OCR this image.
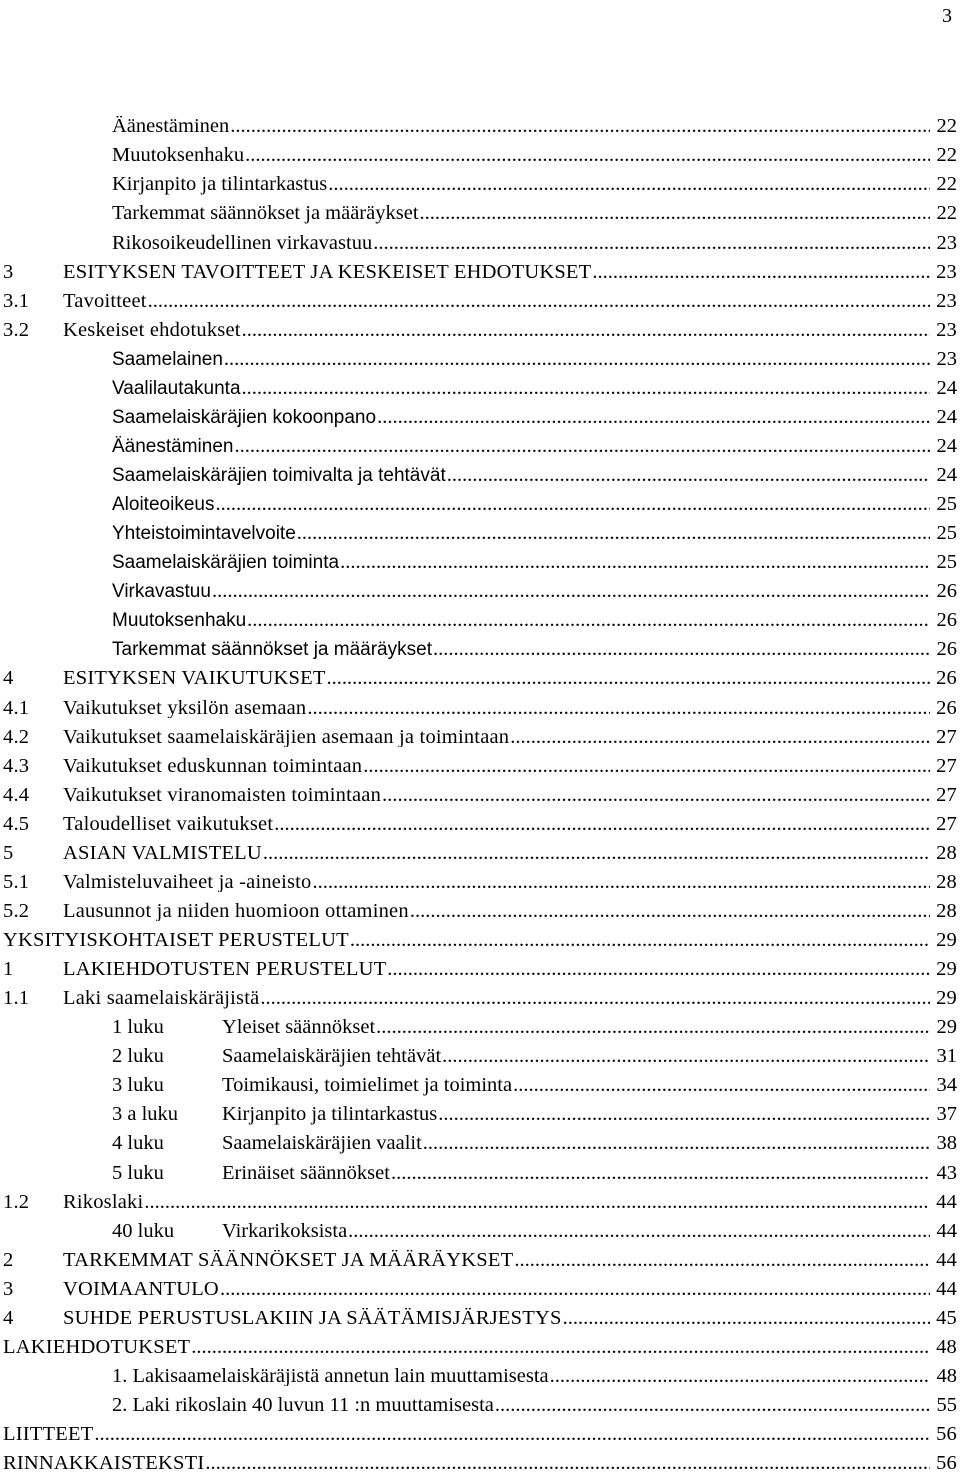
3
Äänestäminen .....	22
Muutoksenhaku .....	22
Kirjanpito ja tilintarkastus .....	22
Tarkemmat säännökset ja määräykset .....	22
Rikosoikeudellinen virkavastuu .....	23
3 ESITYKSEN TAVOITTEET JA KESKEISET EHDOTUKSET .....	23
3.1 Tavoitteet .....	23
3.2 Keskeiset ehdotukset .....	23
Saamelainen .....	23
Vaalilautakunta .....	24
Saamelaiskäräjien kokoonpano .....	24
Äänestäminen .....	24
Saamelaiskäräjien toimivalta ja tehtävät .....	24
Aloiteoikeus .....	25
Yhteistoimintavelvoite .....	25
Saamelaiskäräjien toiminta .....	25
Virkavastuu .....	26
Muutoksenhaku .....	26
Tarkemmat säännökset ja määräykset .....	26
4 ESITYKSEN VAIKUTUKSET .....	26
4.1 Vaikutukset yksilön asemaan .....	26
4.2 Vaikutukset saamelaiskäräjien asemaan ja toimintaan .....	27
4.3 Vaikutukset eduskunnan toimintaan .....	27
4.4 Vaikutukset viranomaisten toimintaan .....	27
4.5 Taloudelliset vaikutukset .....	27
5 ASIAN VALMISTELU .....	28
5.1 Valmisteluvaiheet ja -aineisto .....	28
5.2 Lausunnot ja niiden huomioon ottaminen .....	28
YKSITYISKOHTAISET PERUSTELUT .....	29
1 LAKIEHDOTUSTEN PERUSTELUT .....	29
1.1 Laki saamelaiskäräjistä .....	29
1 luku	Yleiset säännökset .....	29
2 luku	Saamelaiskäräjien tehtävät .....	31
3 luku	Toimikausi, toimielimet ja toiminta .....	34
3 a luku	Kirjanpito ja tilintarkastus .....	37
4 luku	Saamelaiskäräjien vaalit .....	38
5 luku	Erinäiset säännökset .....	43
1.2 Rikoslaki .....	44
40 luku	Virkarikoksista .....	44
2 TARKEMMAT SÄÄNNÖKSET JA MÄÄRÄYKSET .....	44
3 VOIMAANTULO .....	44
4 SUHDE PERUSTUSLAKIIN JA SÄÄTÄMISJÄRJESTYS .....	45
LAKIEHDOTUKSET .....	48
1. Lakisaamelaiskäräjistä annetun lain muuttamisesta .....	48
2. Laki rikoslain 40 luvun 11 :n muuttamisesta .....	55
LIITTEET .....	56
RINNAKKAISTEKSTI .....	56
